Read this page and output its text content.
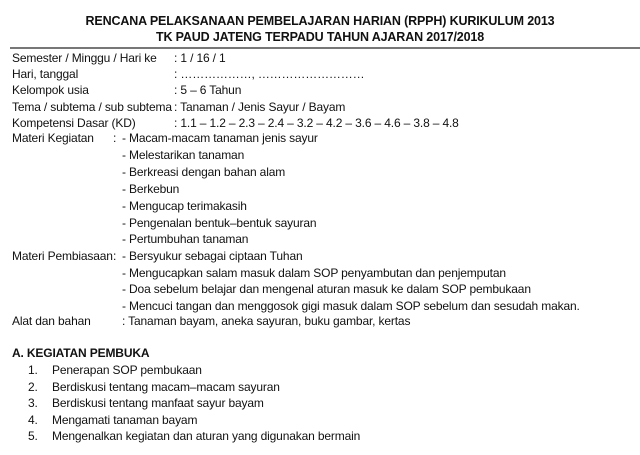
RENCANA PELAKSANAAN PEMBELAJARAN HARIAN (RPPH) KURIKULUM 2013
TK PAUD JATENG TERPADU TAHUN AJARAN 2017/2018
Semester / Minggu / Hari ke : 1 / 16 / 1
Hari, tanggal	: ………………, ………………………
Kelompok usia	: 5 – 6 Tahun
Tema / subtema / sub subtema : Tanaman / Jenis Sayur / Bayam
Kompetensi Dasar (KD)	: 1.1 – 1.2 – 2.3 – 2.4 – 3.2 – 4.2 – 3.6 – 4.6 – 3.8 – 4.8
Materi Kegiatan : - Macam-macam tanaman jenis sayur
- Melestarikan tanaman
- Berkreasi dengan bahan alam
- Berkebun
- Mengucap terimakasih
- Pengenalan bentuk–bentuk sayuran
- Pertumbuhan tanaman
Materi Pembiasaan : - Bersyukur sebagai ciptaan Tuhan
- Mengucapkan salam masuk dalam SOP penyambutan dan penjemputan
- Doa sebelum belajar dan mengenal aturan masuk ke dalam SOP pembukaan
- Mencuci tangan dan menggosok gigi masuk dalam SOP sebelum dan sesudah makan.
Alat dan bahan	: Tanaman bayam, aneka sayuran, buku gambar, kertas
A. KEGIATAN PEMBUKA
1. Penerapan SOP pembukaan
2. Berdiskusi tentang macam–macam sayuran
3. Berdiskusi tentang manfaat sayur bayam
4. Mengamati tanaman bayam
5. Mengenalkan kegiatan dan aturan yang digunakan bermain
